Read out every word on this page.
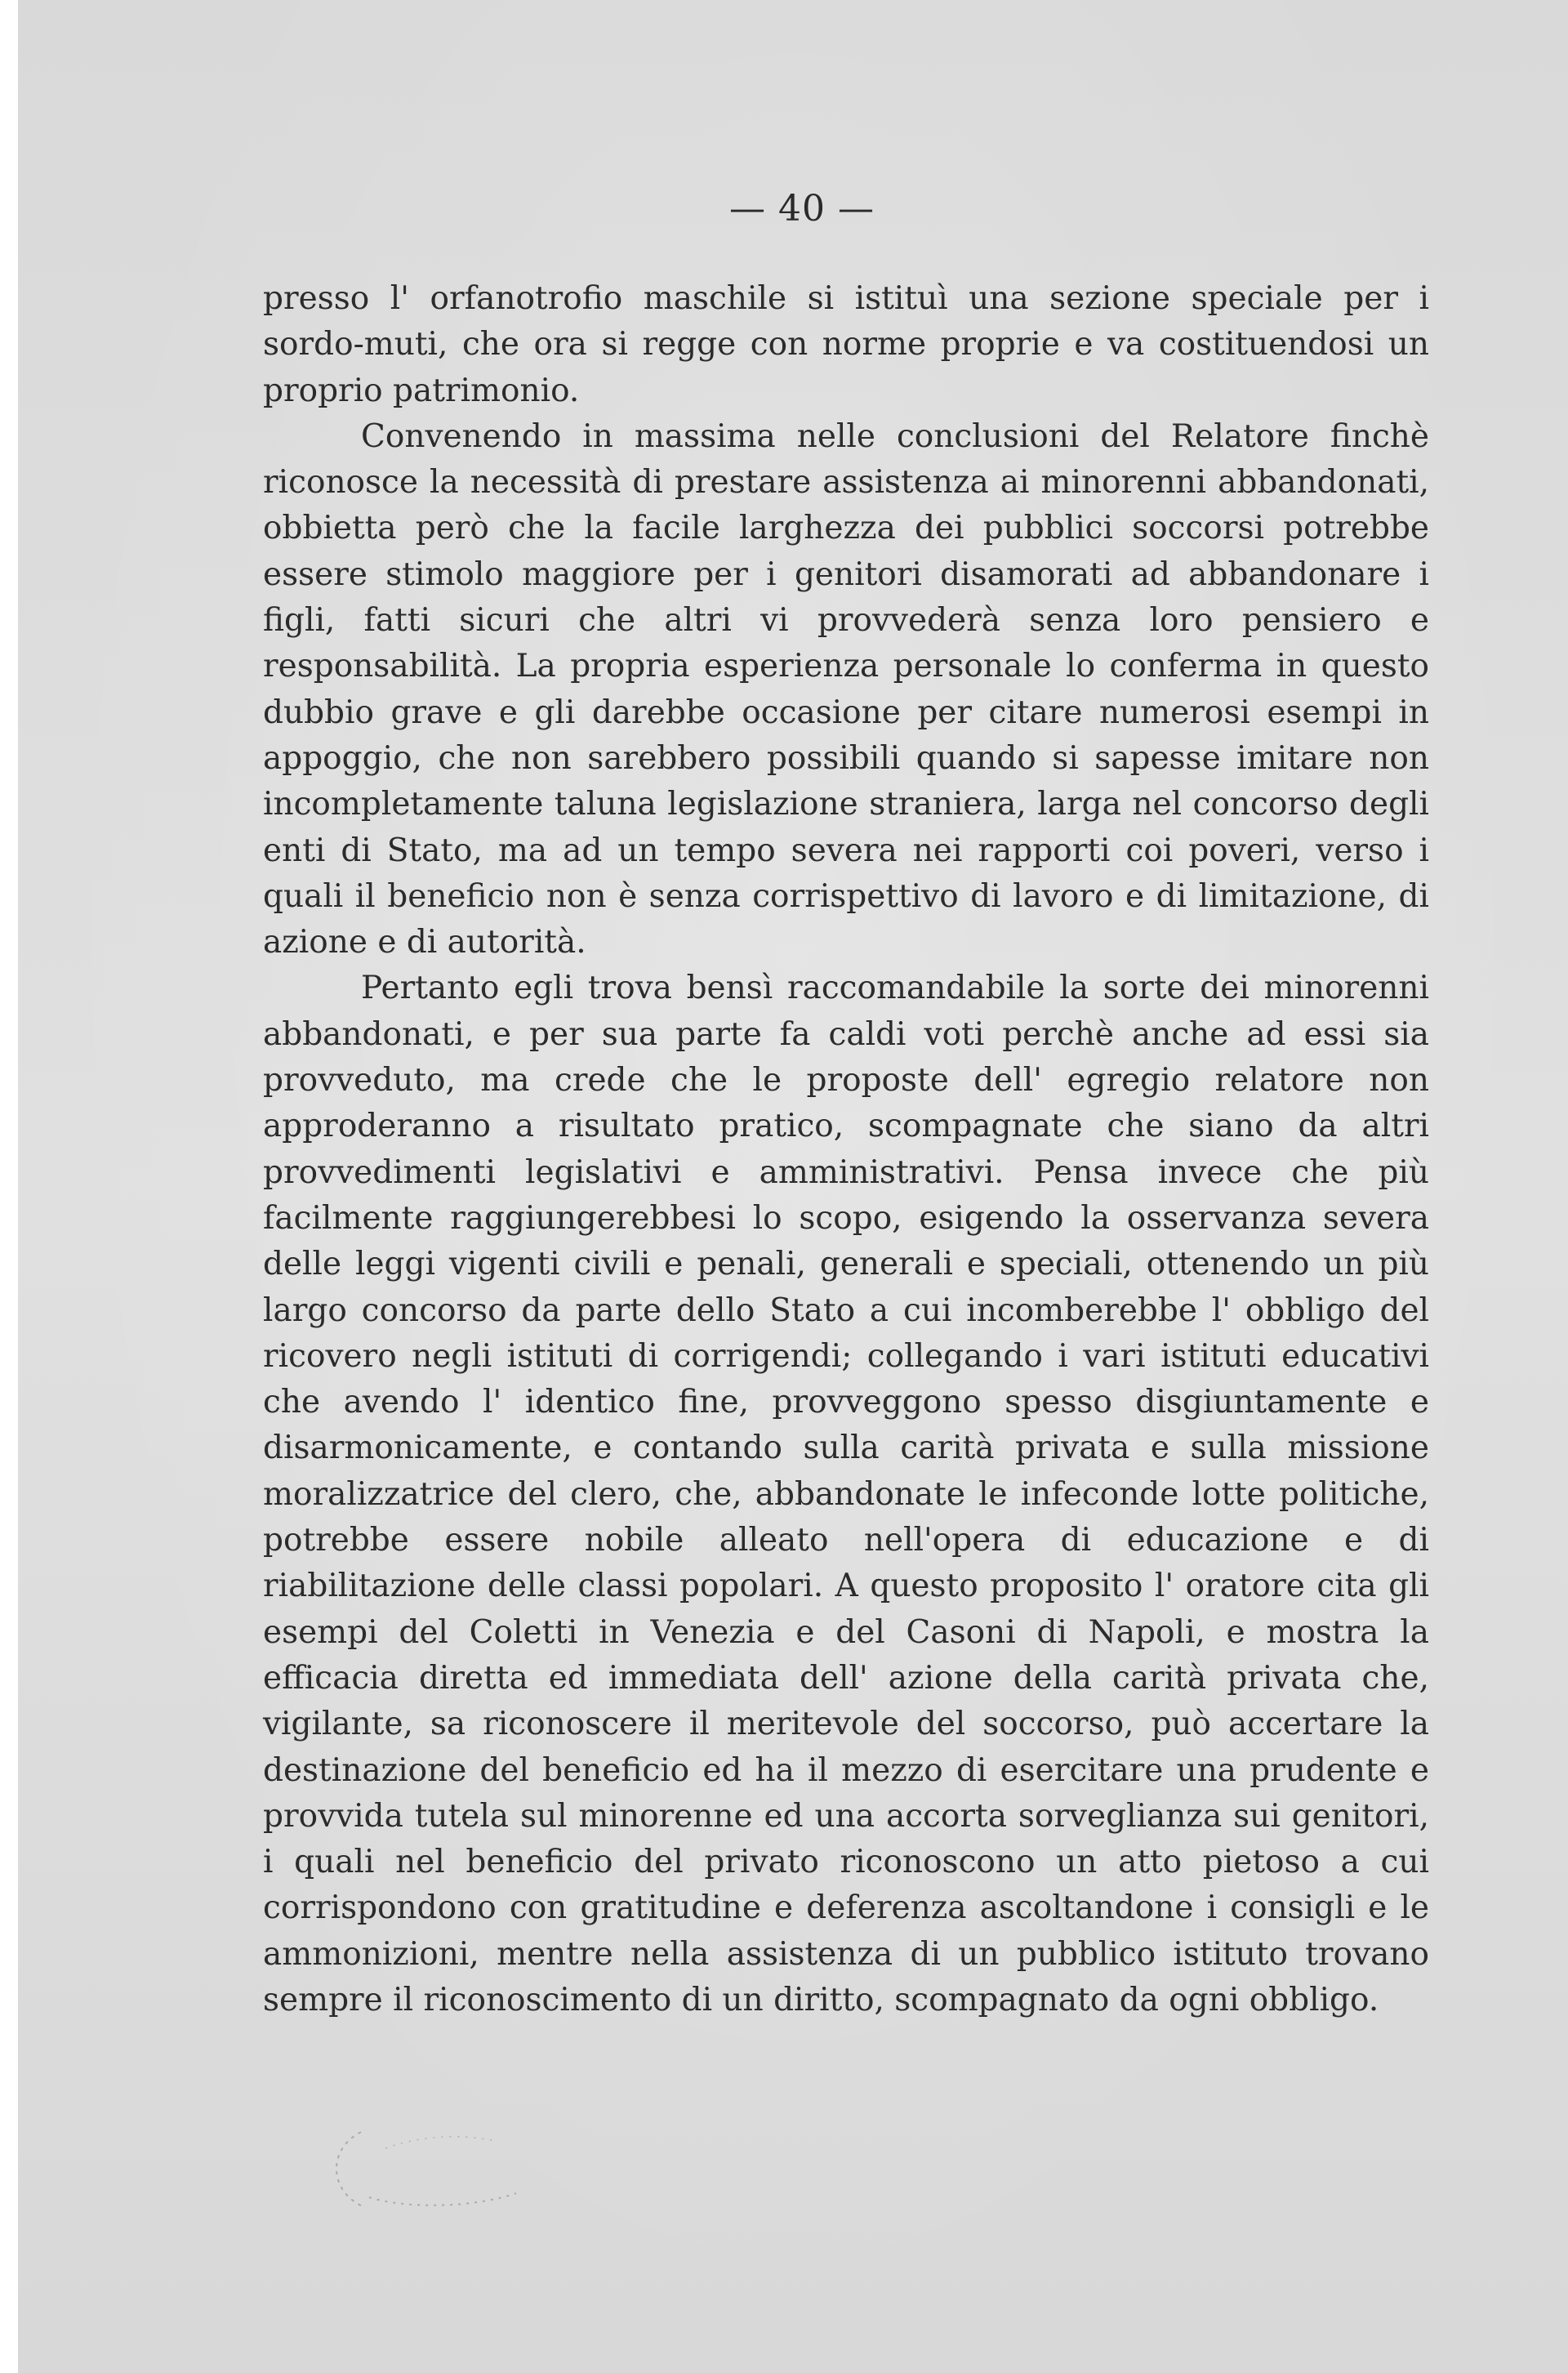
— 40 —

presso l' orfanotrofio maschile si istituì una sezione speciale per i sordo-muti, che ora si regge con norme proprie e va costituendosi un proprio patrimonio.

Convenendo in massima nelle conclusioni del Relatore finchè riconosce la necessità di prestare assistenza ai minorenni abbandonati, obbietta però che la facile larghezza dei pubblici soccorsi potrebbe essere stimolo maggiore per i genitori disamorati ad abbandonare i figli, fatti sicuri che altri vi provvederà senza loro pensiero e responsabilità. La propria esperienza personale lo conferma in questo dubbio grave e gli darebbe occasione per citare numerosi esempi in appoggio, che non sarebbero possibili quando si sapesse imitare non incompletamente taluna legislazione straniera, larga nel concorso degli enti di Stato, ma ad un tempo severa nei rapporti coi poveri, verso i quali il beneficio non è senza corrispettivo di lavoro e di limitazione, di azione e di autorità.

Pertanto egli trova bensì raccomandabile la sorte dei minorenni abbandonati, e per sua parte fa caldi voti perchè anche ad essi sia provveduto, ma crede che le proposte dell' egregio relatore non approderanno a risultato pratico, scompagnate che siano da altri provvedimenti legislativi e amministrativi. Pensa invece che più facilmente raggiungerebbesi lo scopo, esigendo la osservanza severa delle leggi vigenti civili e penali, generali e speciali, ottenendo un più largo concorso da parte dello Stato a cui incomberebbe l' obbligo del ricovero negli istituti di corrigendi; collegando i vari istituti educativi che avendo l' identico fine, provveggono spesso disgiuntamente e disarmonicamente, e contando sulla carità privata e sulla missione moralizzatrice del clero, che, abbandonate le infeconde lotte politiche, potrebbe essere nobile alleato nell'opera di educazione e di riabilitazione delle classi popolari. A questo proposito l' oratore cita gli esempi del Coletti in Venezia e del Casoni di Napoli, e mostra la efficacia diretta ed immediata dell' azione della carità privata che, vigilante, sa riconoscere il meritevole del soccorso, può accertare la destinazione del beneficio ed ha il mezzo di esercitare una prudente e provvida tutela sul minorenne ed una accorta sorveglianza sui genitori, i quali nel beneficio del privato riconoscono un atto pietoso a cui corrispondono con gratitudine e deferenza ascoltandone i consigli e le ammonizioni, mentre nella assistenza di un pubblico istituto trovano sempre il riconoscimento di un diritto, scompagnato da ogni obbligo.
